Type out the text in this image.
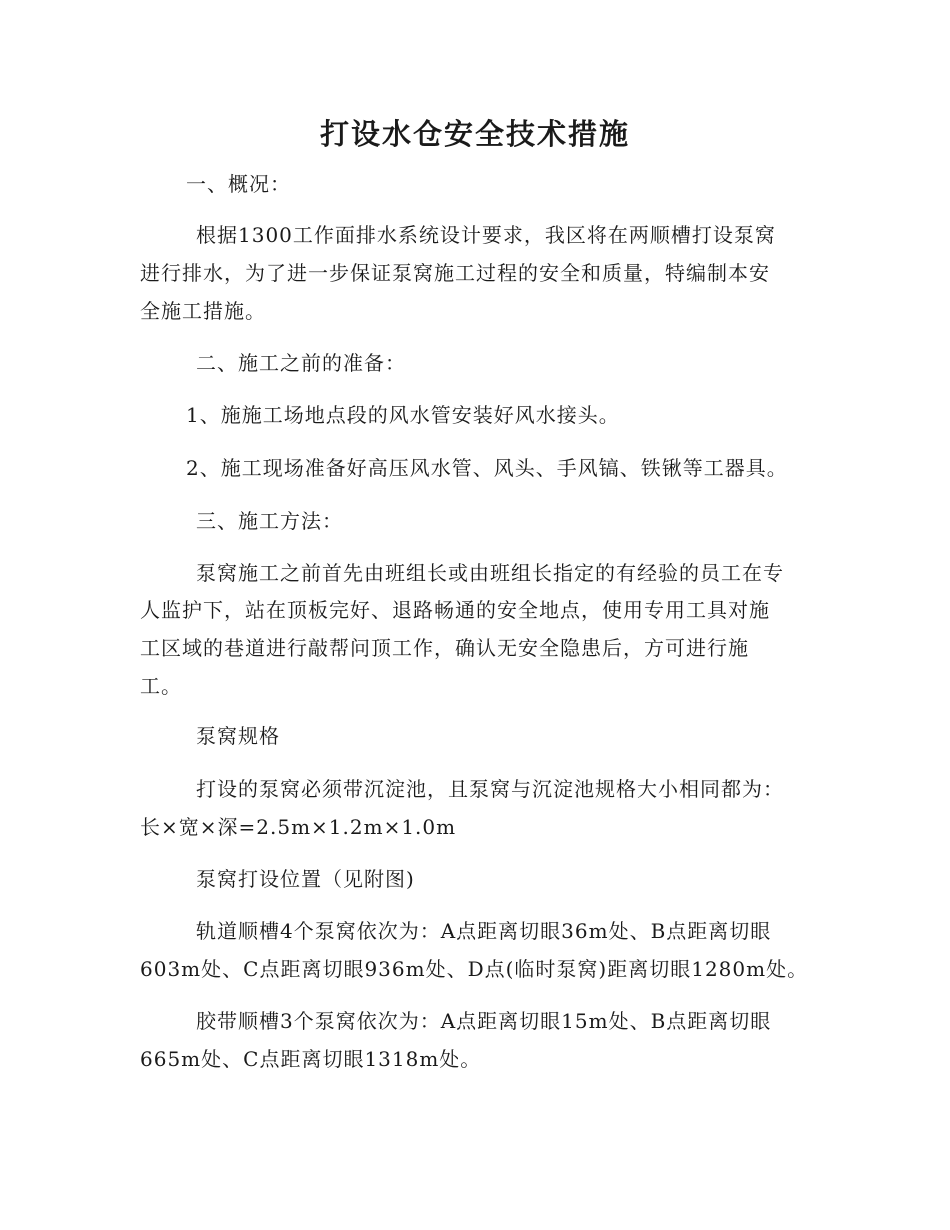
打设水仓安全技术措施
一、概况：
根据1300工作面排水系统设计要求，我区将在两顺槽打设泵窝
进行排水，为了进一步保证泵窝施工过程的安全和质量，特编制本安
全施工措施。
二、施工之前的准备：
1、施施工场地点段的风水管安装好风水接头。
2、施工现场准备好高压风水管、风头、手风镐、铁锹等工器具。
三、施工方法：
泵窝施工之前首先由班组长或由班组长指定的有经验的员工在专
人监护下，站在顶板完好、退路畅通的安全地点，使用专用工具对施
工区域的巷道进行敲帮问顶工作，确认无安全隐患后，方可进行施
工。
泵窝规格
打设的泵窝必须带沉淀池，且泵窝与沉淀池规格大小相同都为：
长×宽×深=2.5m×1.2m×1.0m
泵窝打设位置（见附图)
轨道顺槽4个泵窝依次为：A点距离切眼36m处、B点距离切眼
603m处、C点距离切眼936m处、D点(临时泵窝)距离切眼1280m处。
胶带顺槽3个泵窝依次为：A点距离切眼15m处、B点距离切眼
665m处、C点距离切眼1318m处。
